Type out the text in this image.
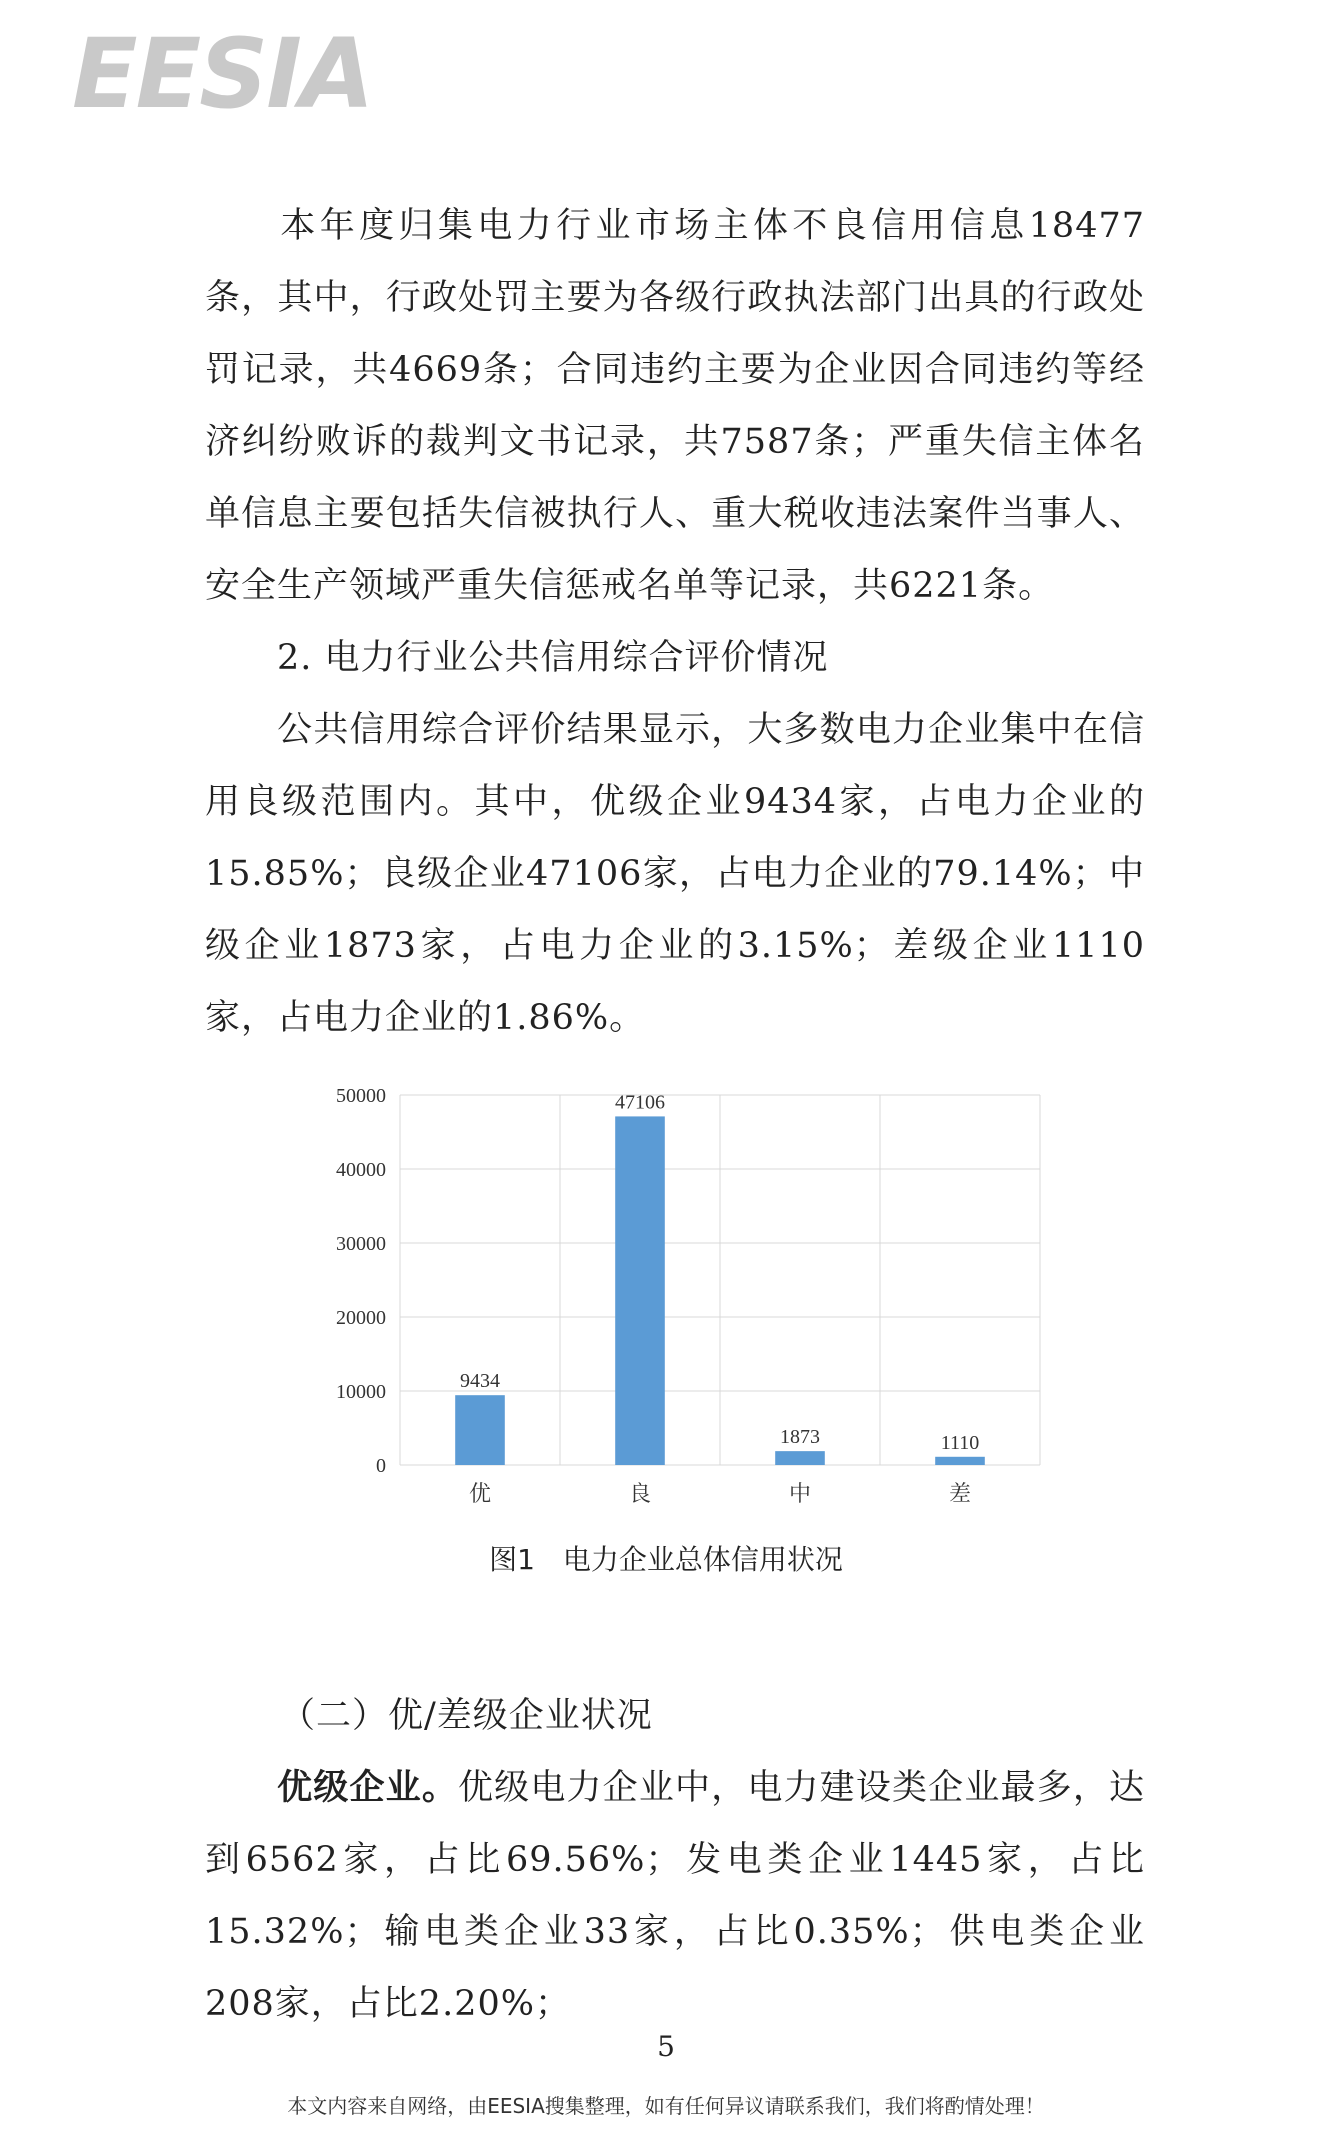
EESIA

本年度归集电力行业市场主体不良信用信息18477条，其中，行政处罚主要为各级行政执法部门出具的行政处罚记录，共4669条；合同违约主要为企业因合同违约等经济纠纷败诉的裁判文书记录，共7587条；严重失信主体名单信息主要包括失信被执行人、重大税收违法案件当事人、安全生产领域严重失信惩戒名单等记录，共6221条。

2. 电力行业公共信用综合评价情况

公共信用综合评价结果显示，大多数电力企业集中在信用良级范围内。其中，优级企业9434家，占电力企业的15.85%；良级企业47106家，占电力企业的79.14%；中级企业1873家，占电力企业的3.15%；差级企业1110家，占电力企业的1.86%。

0
10000
20000
30000
40000
50000
9434
优
47106
良
1873
中
1110
差
图1　电力企业总体信用状况

（二）优/差级企业状况

优级企业。优级电力企业中，电力建设类企业最多，达到6562家，占比69.56%；发电类企业1445家，占比15.32%；输电类企业33家，占比0.35%；供电类企业208家，占比2.20%；

5
本文内容来自网络，由EESIA搜集整理，如有任何异议请联系我们，我们将酌情处理！
